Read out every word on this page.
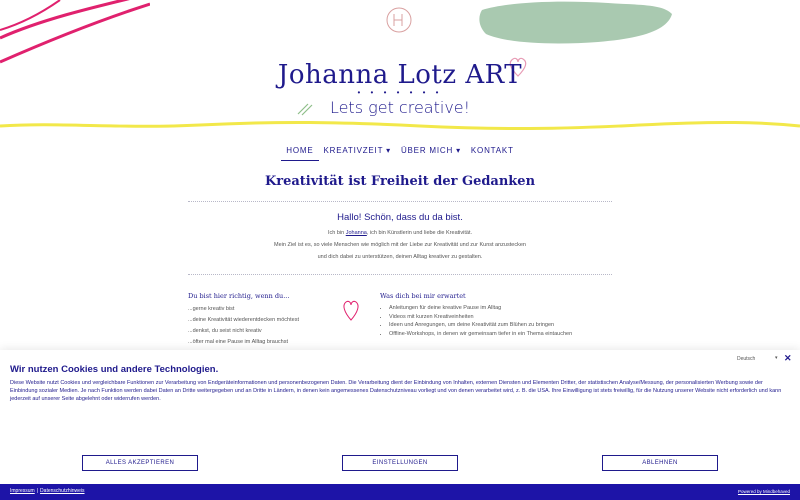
Johanna Lotz ART
• • • • • • •
Lets get creative!
HOME	KREATIVZEIT ▾	ÜBER MICH ▾	KONTAKT
Kreativität ist Freiheit der Gedanken
Hallo! Schön, dass du da bist.
Ich bin Johanna, ich bin Künstlerin und liebe die Kreativität.
Mein Ziel ist es, so viele Menschen wie möglich mit der Liebe zur Kreativität und zur Kunst anzustecken
und dich dabei zu unterstützen, deinen Alltag kreativer zu gestalten.
Du bist hier richtig, wenn du...
...gerne kreativ bist
...deine Kreativität wiederentdecken möchtest
...denkst, du seist nicht kreativ
...öfter mal eine Pause im Alltag brauchst
Was dich bei mir erwartet
• Anleitungen für deine kreative Pause im Alltag
• Videos mit kurzen Kreativeinheiten
• Ideen und Anregungen, um deine Kreativität zum Blühen zu bringen
• Offline-Workshops, in denen wir gemeinsam tiefer in ein Thema eintauchen
Wir nutzen Cookies und andere Technologien.
Deutsch	▾ ✕
Diese Website nutzt Cookies und vergleichbare Funktionen zur Verarbeitung von Endgeräteinformationen und personenbezogenen Daten. Die Verarbeitung dient der Einbindung von Inhalten, externen Diensten und Elementen Dritter, der statistischen Analyse/Messung, der personalisierten Werbung sowie der Einbindung sozialer Medien. Je nach Funktion werden dabei Daten an Dritte weitergegeben und an Dritte in Ländern, in denen kein angemessenes Datenschutzniveau vorliegt und von denen verarbeitet wird, z. B. die USA. Ihre Einwilligung ist stets freiwillig, für die Nutzung unserer Website nicht erforderlich und kann jederzeit auf unserer Seite abgelehnt oder widerrufen werden.
ALLES AKZEPTIEREN	EINSTELLUNGEN	ABLEHNEN
Impressum | Datenschutzhinweis	Powered by Mindbehaved
